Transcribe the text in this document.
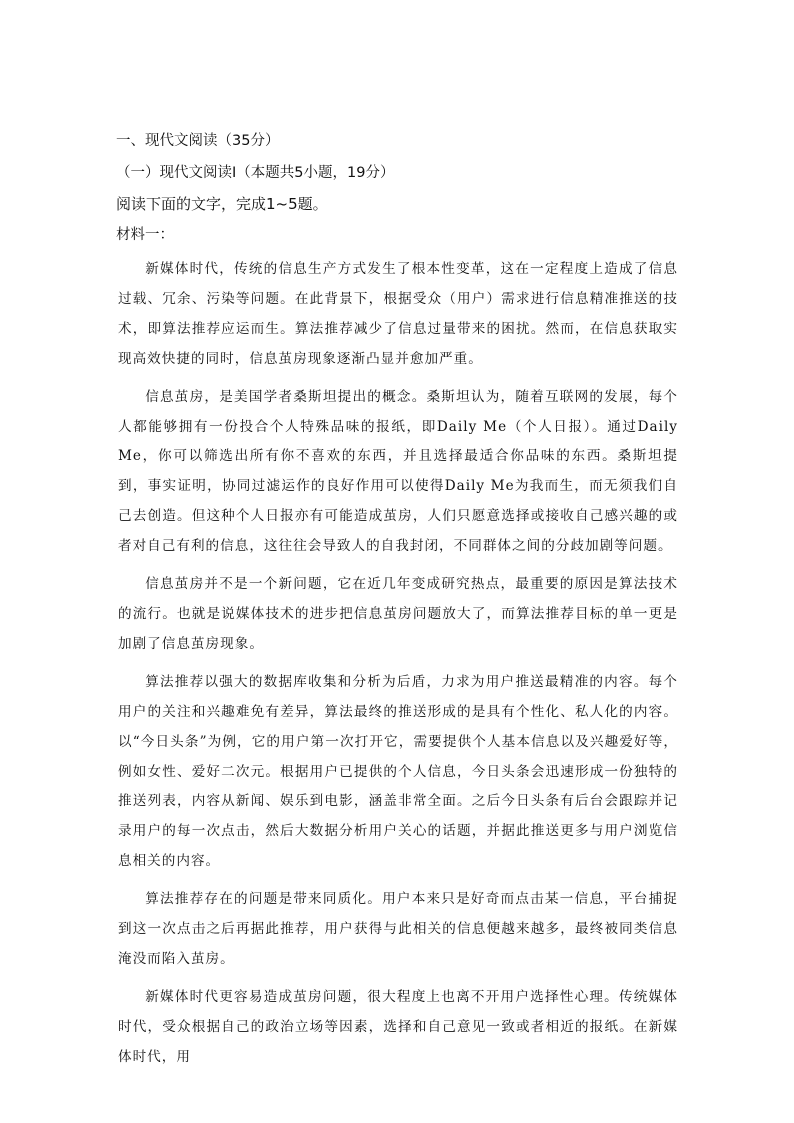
一、现代文阅读（35分）
（一）现代文阅读Ⅰ（本题共5小题，19分）
阅读下面的文字，完成1~5题。
材料一：

新媒体时代，传统的信息生产方式发生了根本性变革，这在一定程度上造成了信息过载、冗余、污染等问题。在此背景下，根据受众（用户）需求进行信息精准推送的技术，即算法推荐应运而生。算法推荐减少了信息过量带来的困扰。然而，在信息获取实现高效快捷的同时，信息茧房现象逐渐凸显并愈加严重。

信息茧房，是美国学者桑斯坦提出的概念。桑斯坦认为，随着互联网的发展，每个人都能够拥有一份投合个人特殊品味的报纸，即Daily Me（个人日报）。通过Daily Me，你可以筛选出所有你不喜欢的东西，并且选择最适合你品味的东西。桑斯坦提到，事实证明，协同过滤运作的良好作用可以使得Daily Me为我而生，而无须我们自己去创造。但这种个人日报亦有可能造成茧房，人们只愿意选择或接收自己感兴趣的或者对自己有利的信息，这往往会导致人的自我封闭，不同群体之间的分歧加剧等问题。

信息茧房并不是一个新问题，它在近几年变成研究热点，最重要的原因是算法技术的流行。也就是说媒体技术的进步把信息茧房问题放大了，而算法推荐目标的单一更是加剧了信息茧房现象。

算法推荐以强大的数据库收集和分析为后盾，力求为用户推送最精准的内容。每个用户的关注和兴趣难免有差异，算法最终的推送形成的是具有个性化、私人化的内容。以“今日头条”为例，它的用户第一次打开它，需要提供个人基本信息以及兴趣爱好等，例如女性、爱好二次元。根据用户已提供的个人信息，今日头条会迅速形成一份独特的推送列表，内容从新闻、娱乐到电影，涵盖非常全面。之后今日头条有后台会跟踪并记录用户的每一次点击，然后大数据分析用户关心的话题，并据此推送更多与用户浏览信息相关的内容。

算法推荐存在的问题是带来同质化。用户本来只是好奇而点击某一信息，平台捕捉到这一次点击之后再据此推荐，用户获得与此相关的信息便越来越多，最终被同类信息淹没而陷入茧房。

新媒体时代更容易造成茧房问题，很大程度上也离不开用户选择性心理。传统媒体时代，受众根据自己的政治立场等因素，选择和自己意见一致或者相近的报纸。在新媒体时代，用
